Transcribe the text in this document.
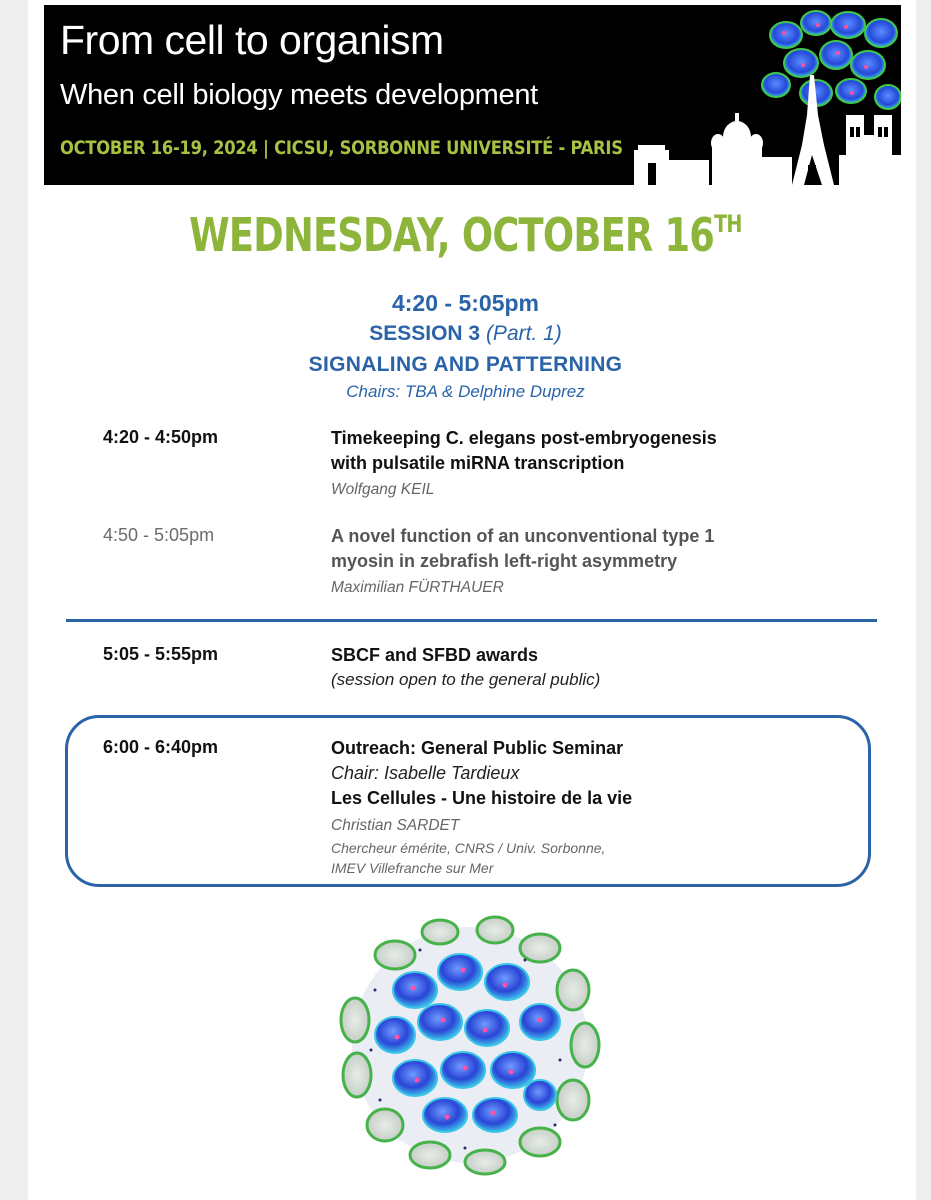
From cell to organism
When cell biology meets development
OCTOBER 16-19, 2024 | CICSU, SORBONNE UNIVERSITÉ - PARIS
WEDNESDAY, OCTOBER 16TH
4:20 - 5:05pm
SESSION 3 (Part. 1)
SIGNALING AND PATTERNING
Chairs: TBA & Delphine Duprez
4:20 - 4:50pm	Timekeeping C. elegans post-embryogenesis
with pulsatile miRNA transcription
Wolfgang KEIL
4:50 - 5:05pm	A novel function of an unconventional type 1
myosin in zebrafish left-right asymmetry
Maximilian FÜRTHAUER
5:05 - 5:55pm	SBCF and SFBD awards
(session open to the general public)
6:00 - 6:40pm	Outreach: General Public Seminar
Chair: Isabelle Tardieux
Les Cellules - Une histoire de la vie
Christian SARDET
Chercheur émérite, CNRS / Univ. Sorbonne,
IMEV Villefranche sur Mer
